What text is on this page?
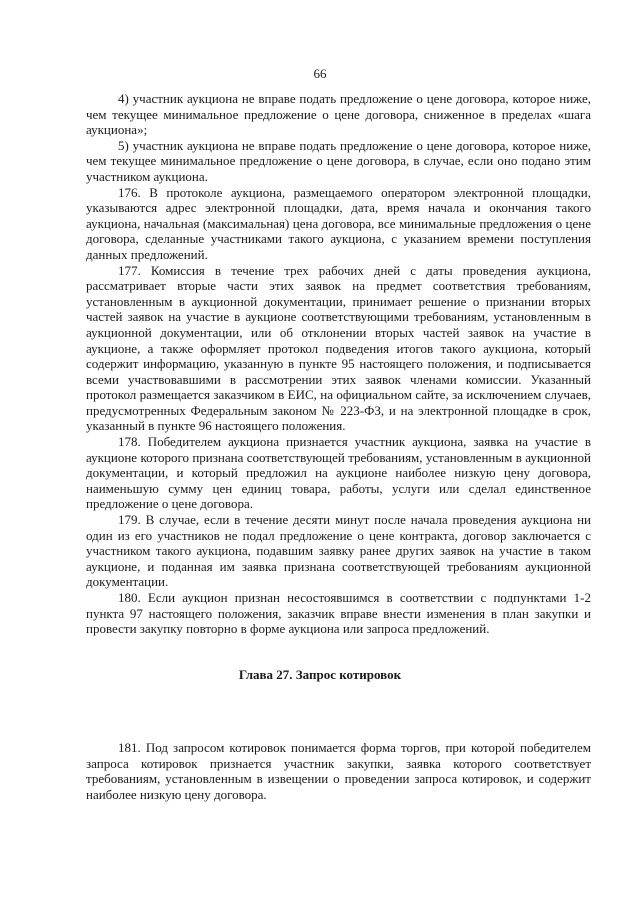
66

4) участник аукциона не вправе подать предложение о цене договора, которое ниже, чем текущее минимальное предложение о цене договора, сниженное в пределах «шага аукциона»;

5) участник аукциона не вправе подать предложение о цене договора, которое ниже, чем текущее минимальное предложение о цене договора, в случае, если оно подано этим участником аукциона.

176. В протоколе аукциона, размещаемого оператором электронной площадки, указываются адрес электронной площадки, дата, время начала и окончания такого аукциона, начальная (максимальная) цена договора, все минимальные предложения о цене договора, сделанные участниками такого аукциона, с указанием времени поступления данных предложений.

177. Комиссия в течение трех рабочих дней с даты проведения аукциона, рассматривает вторые части этих заявок на предмет соответствия требованиям, установленным в аукционной документации, принимает решение о признании вторых частей заявок на участие в аукционе соответствующими требованиям, установленным в аукционной документации, или об отклонении вторых частей заявок на участие в аукционе, а также оформляет протокол подведения итогов такого аукциона, который содержит информацию, указанную в пункте 95 настоящего положения, и подписывается всеми участвовавшими в рассмотрении этих заявок членами комиссии. Указанный протокол размещается заказчиком в ЕИС, на официальном сайте, за исключением случаев, предусмотренных Федеральным законом № 223-ФЗ, и на электронной площадке в срок, указанный в пункте 96 настоящего положения.

178. Победителем аукциона признается участник аукциона, заявка на участие в аукционе которого признана соответствующей требованиям, установленным в аукционной документации, и который предложил на аукционе наиболее низкую цену договора, наименьшую сумму цен единиц товара, работы, услуги или сделал единственное предложение о цене договора.

179. В случае, если в течение десяти минут после начала проведения аукциона ни один из его участников не подал предложение о цене контракта, договор заключается с участником такого аукциона, подавшим заявку ранее других заявок на участие в таком аукционе, и поданная им заявка признана соответствующей требованиям аукционной документации.

180. Если аукцион признан несостоявшимся в соответствии с подпунктами 1-2 пункта 97 настоящего положения, заказчик вправе внести изменения в план закупки и провести закупку повторно в форме аукциона или запроса предложений.

Глава 27. Запрос котировок

181. Под запросом котировок понимается форма торгов, при которой победителем запроса котировок признается участник закупки, заявка которого соответствует требованиям, установленным в извещении о проведении запроса котировок, и содержит наиболее низкую цену договора.
